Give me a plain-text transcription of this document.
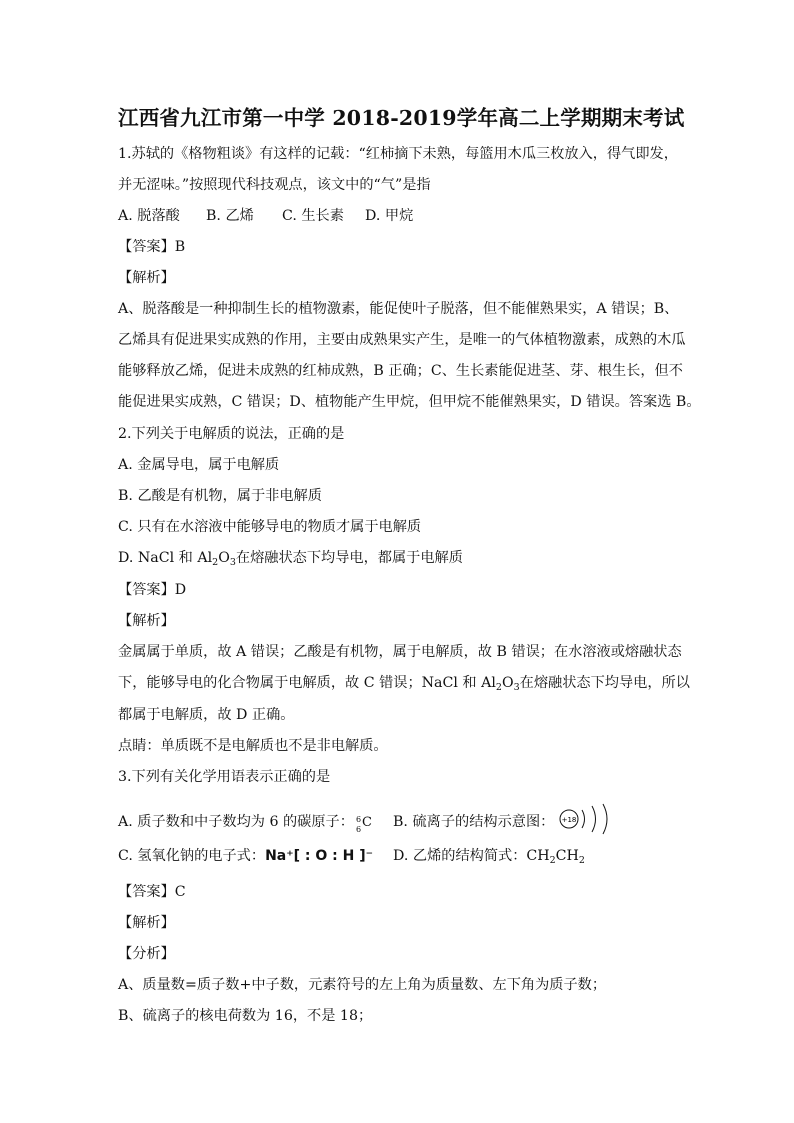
江西省九江市第一中学 2018-2019学年高二上学期期末考试
1.苏轼的《格物粗谈》有这样的记载：“红柿摘下未熟，每篮用木瓜三枚放入，得气即发，
并无涩味。”按照现代科技观点，该文中的“气”是指
A. 脱落酸 B. 乙烯 C. 生长素 D. 甲烷
【答案】B
【解析】
A、脱落酸是一种抑制生长的植物激素，能促使叶子脱落，但不能催熟果实，A 错误；B、
乙烯具有促进果实成熟的作用，主要由成熟果实产生，是唯一的气体植物激素，成熟的木瓜
能够释放乙烯，促进未成熟的红柿成熟，B 正确；C、生长素能促进茎、芽、根生长，但不
能促进果实成熟，C 错误；D、植物能产生甲烷，但甲烷不能催熟果实，D 错误。答案选 B。
2.下列关于电解质的说法，正确的是
A. 金属导电，属于电解质
B. 乙酸是有机物，属于非电解质
C. 只有在水溶液中能够导电的物质才属于电解质
D. NaCl 和 $Al_2O_3$在熔融状态下均导电，都属于电解质
【答案】D
【解析】
金属属于单质，故 A 错误；乙酸是有机物，属于电解质，故 B 错误；在水溶液或熔融状态
下，能够导电的化合物属于电解质，故 C 错误；NaCl 和 $Al_2O_3$在熔融状态下均导电，所以
都属于电解质，故 D 正确。
点睛：单质既不是电解质也不是非电解质。
3.下列有关化学用语表示正确的是
A. 质子数和中子数均为 6 的碳原子： 6
6 C B. 硫离子的结构示意图： +18
C. 氢氧化钠的电子式：Na⁺[ : O : H ]⁻ D. 乙烯的结构简式：$CH_2CH_2$
【答案】C
【解析】
【分析】
A、质量数=质子数+中子数，元素符号的左上角为质量数、左下角为质子数；
B、硫离子的核电荷数为 16，不是 18；
